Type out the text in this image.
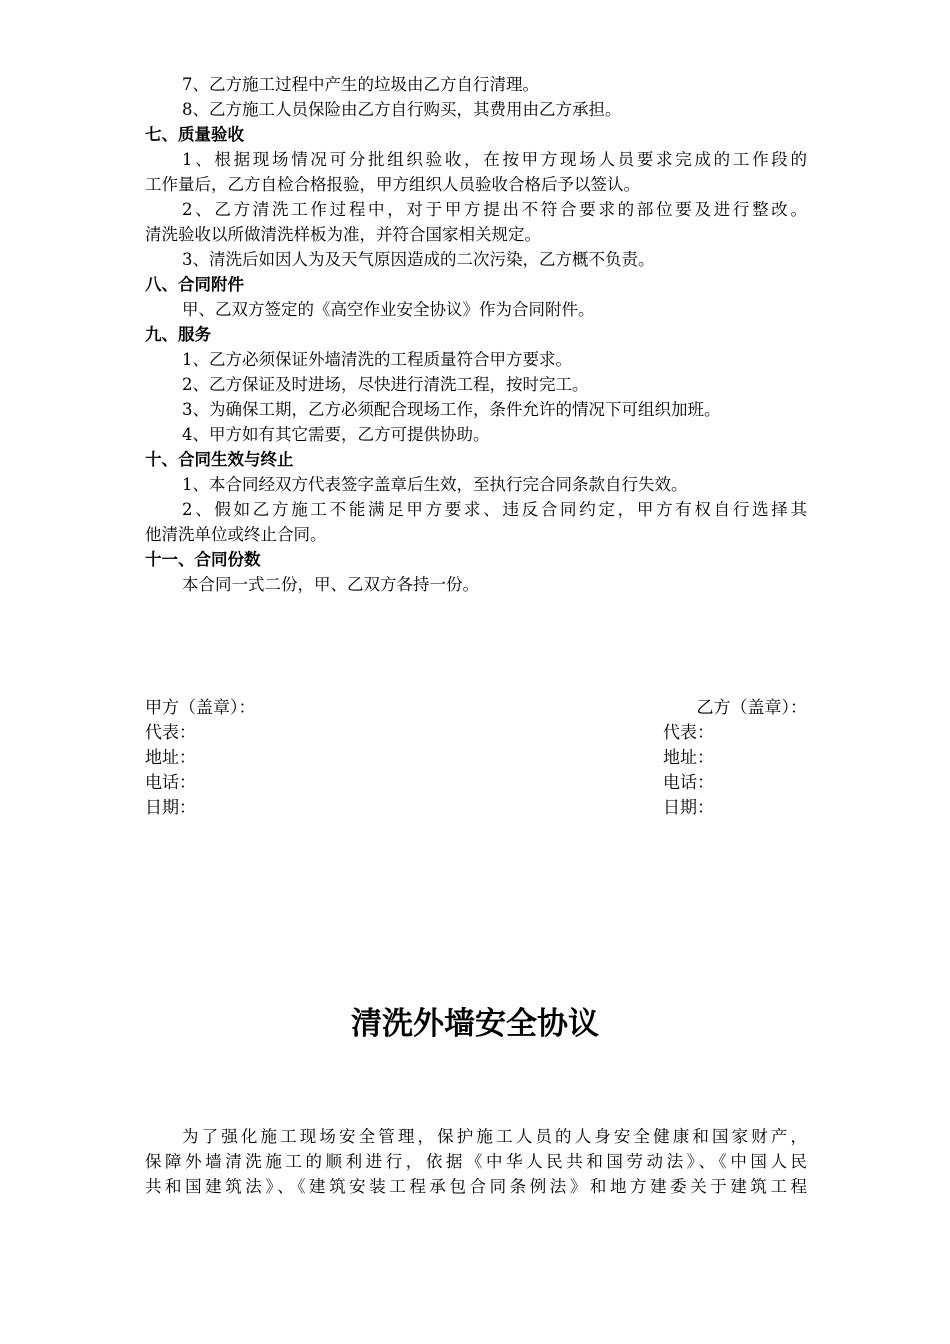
7、乙方施工过程中产生的垃圾由乙方自行清理。
8、乙方施工人员保险由乙方自行购买，其费用由乙方承担。
七、质量验收
1、根据现场情况可分批组织验收，在按甲方现场人员要求完成的工作段的
工作量后，乙方自检合格报验，甲方组织人员验收合格后予以签认。
2、乙方清洗工作过程中，对于甲方提出不符合要求的部位要及进行整改。
清洗验收以所做清洗样板为准，并符合国家相关规定。
3、清洗后如因人为及天气原因造成的二次污染，乙方概不负责。
八、合同附件
甲、乙双方签定的《高空作业安全协议》作为合同附件。
九、服务
1、乙方必须保证外墙清洗的工程质量符合甲方要求。
2、乙方保证及时进场，尽快进行清洗工程，按时完工。
3、为确保工期，乙方必须配合现场工作，条件允许的情况下可组织加班。
4、甲方如有其它需要，乙方可提供协助。
十、合同生效与终止
1、本合同经双方代表签字盖章后生效，至执行完合同条款自行失效。
2、假如乙方施工不能满足甲方要求、违反合同约定，甲方有权自行选择其
他清洗单位或终止合同。
十一、合同份数
本合同一式二份，甲、乙双方各持一份。
甲方（盖章）：	乙方（盖章）：
代表：	代表：
地址：	地址：
电话：	电话：
日期：	日期：
清洗外墙安全协议
为了强化施工现场安全管理，保护施工人员的人身安全健康和国家财产，
保障外墙清洗施工的顺利进行，依据《中华人民共和国劳动法》、《中国人民
共和国建筑法》、《建筑安装工程承包合同条例法》和地方建委关于建筑工程
